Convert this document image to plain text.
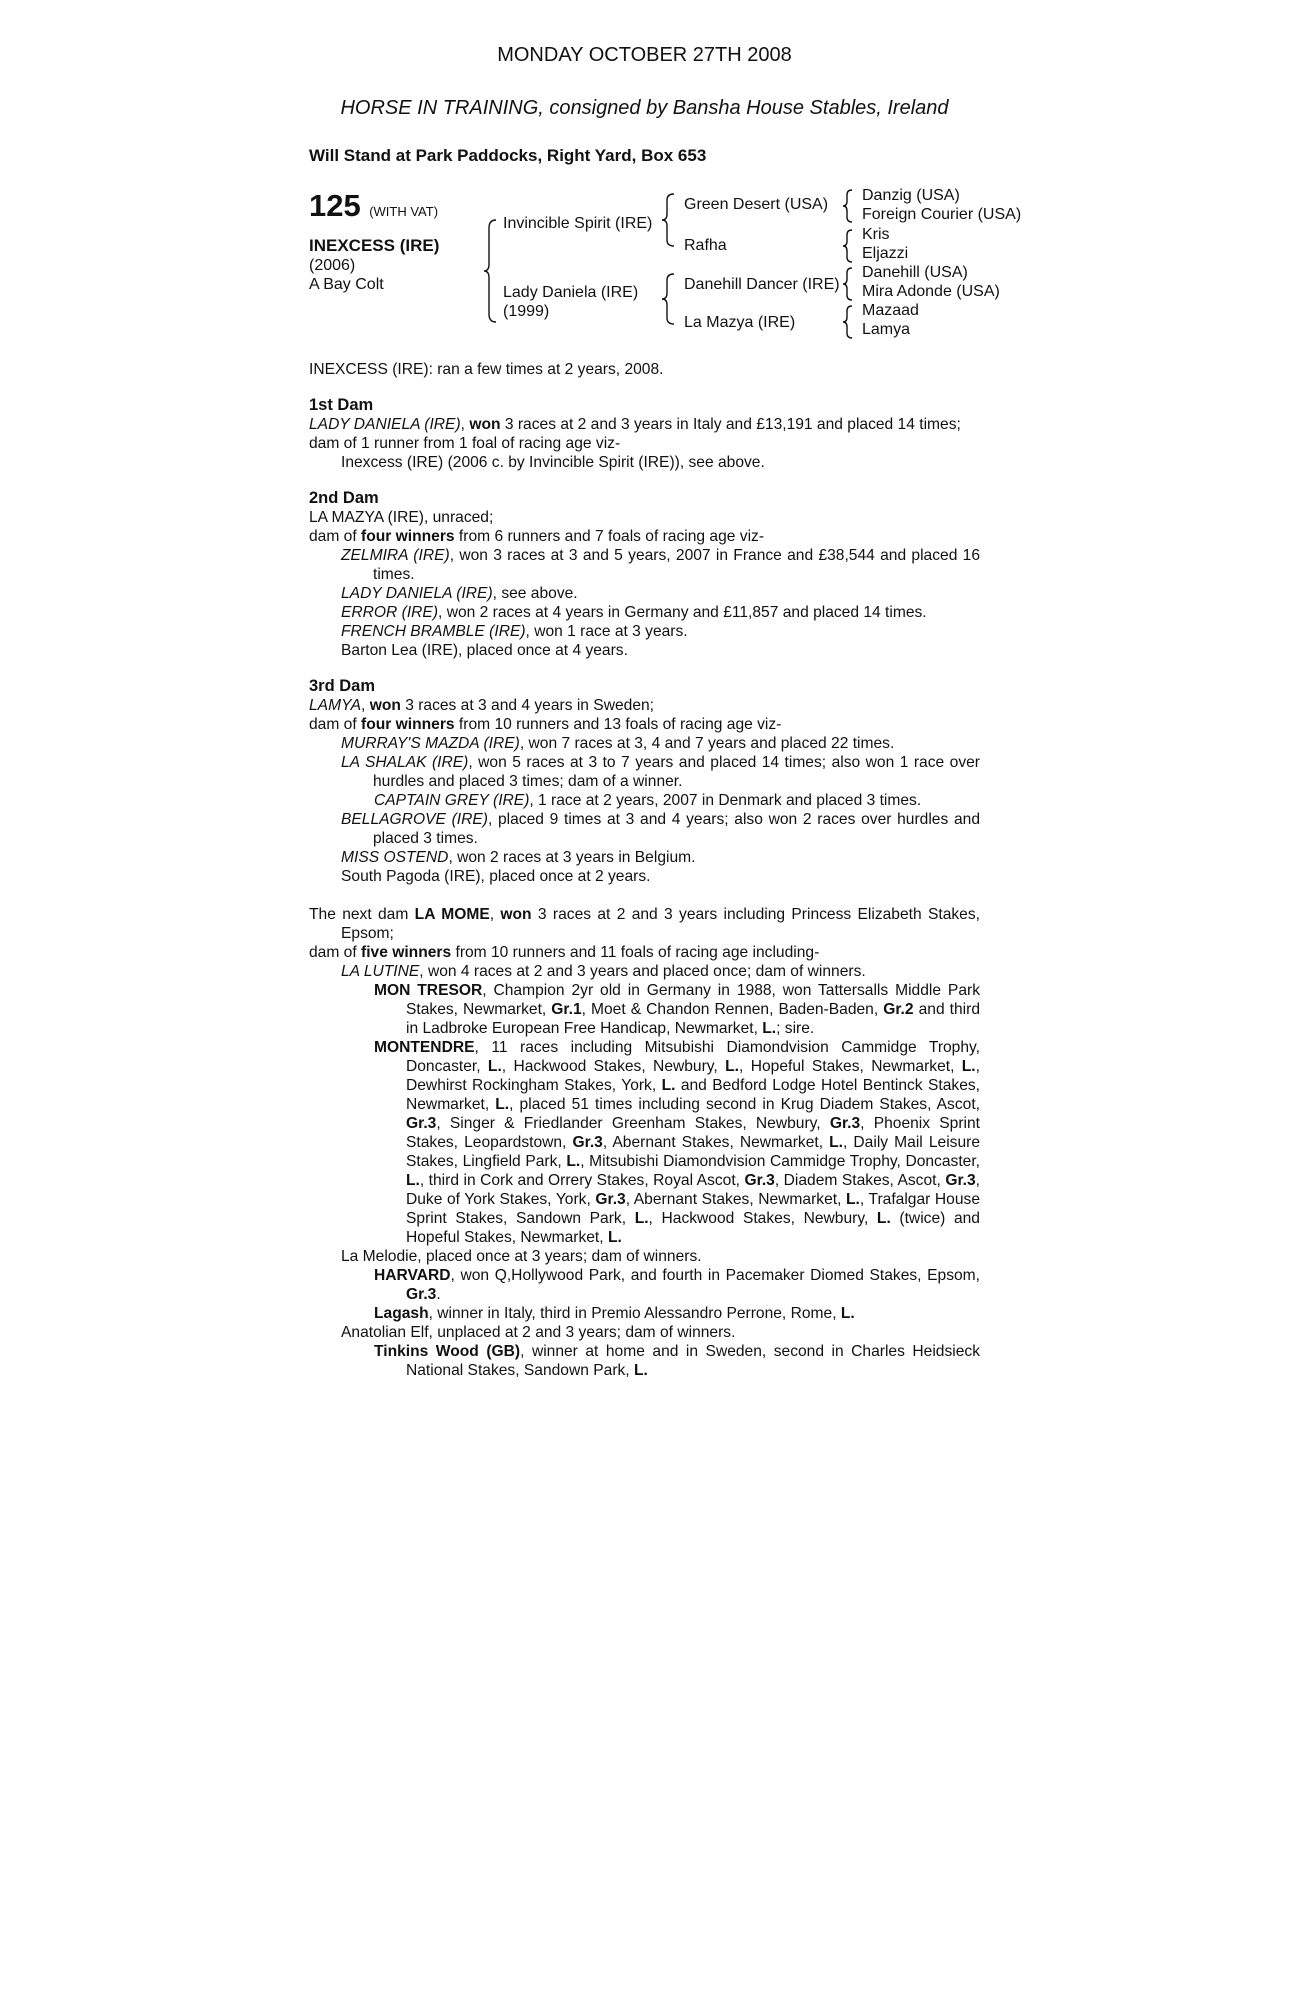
MONDAY OCTOBER 27TH 2008
HORSE IN TRAINING, consigned by Bansha House Stables, Ireland
Will Stand at Park Paddocks, Right Yard, Box 653
125 (WITH VAT)
INEXCESS (IRE)
(2006)
A Bay Colt
Invincible Spirit (IRE)
Lady Daniela (IRE)
(1999)
Green Desert (USA)
Rafha
Danehill Dancer (IRE)
La Mazya (IRE)
Danzig (USA)
Foreign Courier (USA)
Kris
Eljazzi
Danehill (USA)
Mira Adonde (USA)
Mazaad
Lamya

INEXCESS (IRE): ran a few times at 2 years, 2008.

1st Dam

LADY DANIELA (IRE), won 3 races at 2 and 3 years in Italy and £13,191 and placed 14 times;

dam of 1 runner from 1 foal of racing age viz-

Inexcess (IRE) (2006 c. by Invincible Spirit (IRE)), see above.

2nd Dam

LA MAZYA (IRE), unraced;

dam of four winners from 6 runners and 7 foals of racing age viz-

ZELMIRA (IRE), won 3 races at 3 and 5 years, 2007 in France and £38,544 and placed 16 times.

LADY DANIELA (IRE), see above.

ERROR (IRE), won 2 races at 4 years in Germany and £11,857 and placed 14 times.

FRENCH BRAMBLE (IRE), won 1 race at 3 years.

Barton Lea (IRE), placed once at 4 years.

3rd Dam

LAMYA, won 3 races at 3 and 4 years in Sweden;

dam of four winners from 10 runners and 13 foals of racing age viz-

MURRAY'S MAZDA (IRE), won 7 races at 3, 4 and 7 years and placed 22 times.

LA SHALAK (IRE), won 5 races at 3 to 7 years and placed 14 times; also won 1 race over hurdles and placed 3 times; dam of a winner.

CAPTAIN GREY (IRE), 1 race at 2 years, 2007 in Denmark and placed 3 times.

BELLAGROVE (IRE), placed 9 times at 3 and 4 years; also won 2 races over hurdles and placed 3 times.

MISS OSTEND, won 2 races at 3 years in Belgium.

South Pagoda (IRE), placed once at 2 years.

The next dam LA MOME, won 3 races at 2 and 3 years including Princess Elizabeth Stakes, Epsom;

dam of five winners from 10 runners and 11 foals of racing age including-

LA LUTINE, won 4 races at 2 and 3 years and placed once; dam of winners.

MON TRESOR, Champion 2yr old in Germany in 1988, won Tattersalls Middle Park Stakes, Newmarket, Gr.1, Moet & Chandon Rennen, Baden-Baden, Gr.2 and third in Ladbroke European Free Handicap, Newmarket, L.; sire.

MONTENDRE, 11 races including Mitsubishi Diamondvision Cammidge Trophy, Doncaster, L., Hackwood Stakes, Newbury, L., Hopeful Stakes, Newmarket, L., Dewhirst Rockingham Stakes, York, L. and Bedford Lodge Hotel Bentinck Stakes, Newmarket, L., placed 51 times including second in Krug Diadem Stakes, Ascot, Gr.3, Singer & Friedlander Greenham Stakes, Newbury, Gr.3, Phoenix Sprint Stakes, Leopardstown, Gr.3, Abernant Stakes, Newmarket, L., Daily Mail Leisure Stakes, Lingfield Park, L., Mitsubishi Diamondvision Cammidge Trophy, Doncaster, L., third in Cork and Orrery Stakes, Royal Ascot, Gr.3, Diadem Stakes, Ascot, Gr.3, Duke of York Stakes, York, Gr.3, Abernant Stakes, Newmarket, L., Trafalgar House Sprint Stakes, Sandown Park, L., Hackwood Stakes, Newbury, L. (twice) and Hopeful Stakes, Newmarket, L.

La Melodie, placed once at 3 years; dam of winners.

HARVARD, won Q,Hollywood Park, and fourth in Pacemaker Diomed Stakes, Epsom, Gr.3.

Lagash, winner in Italy, third in Premio Alessandro Perrone, Rome, L.

Anatolian Elf, unplaced at 2 and 3 years; dam of winners.

Tinkins Wood (GB), winner at home and in Sweden, second in Charles Heidsieck National Stakes, Sandown Park, L.
